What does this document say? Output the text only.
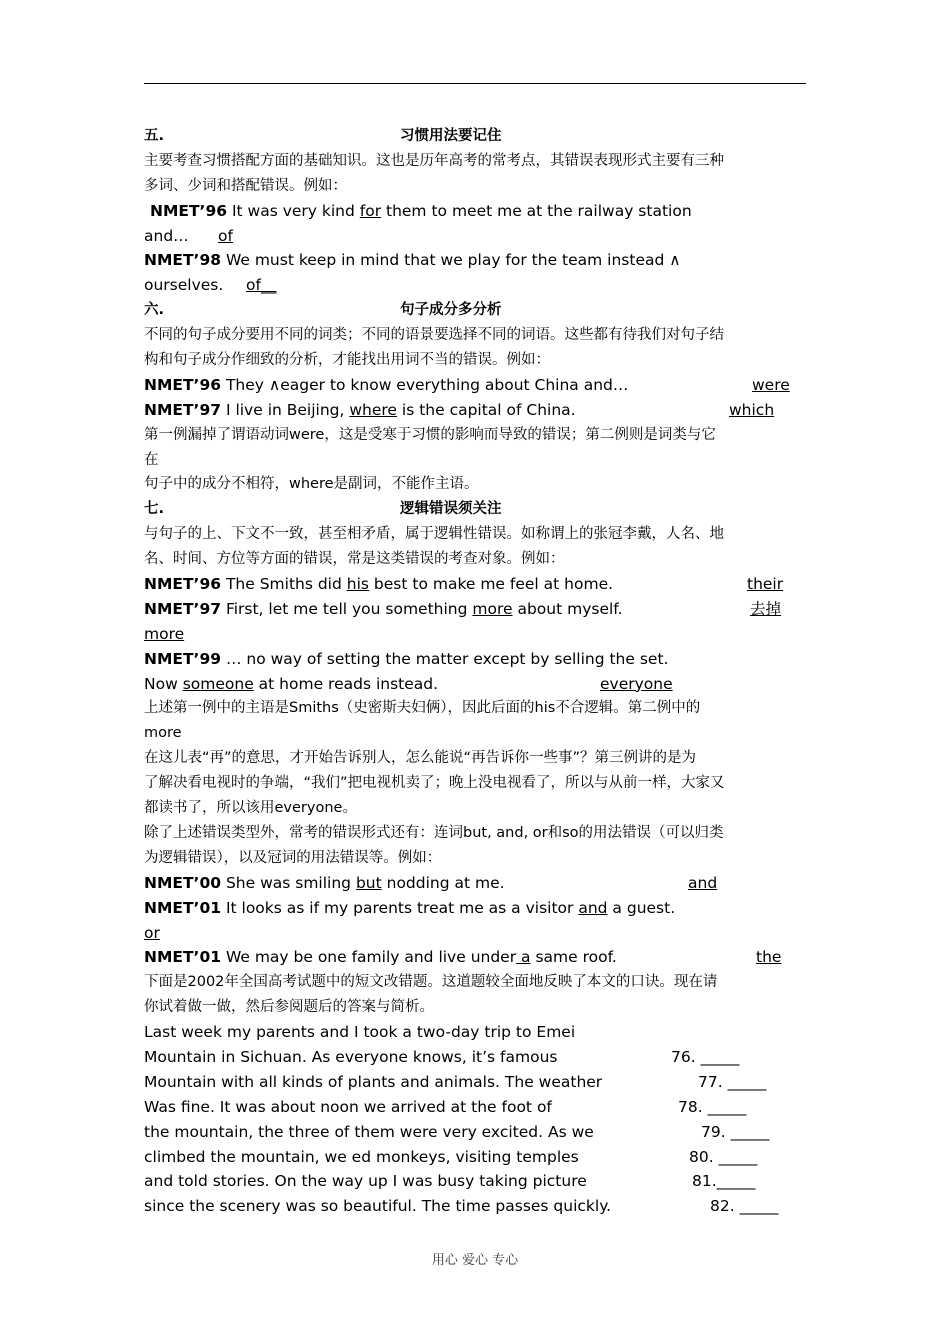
五.	习惯用法要记住
主要考查习惯搭配方面的基础知识。这也是历年高考的常考点，其错误表现形式主要有三种
多词、少词和搭配错误。例如：
NMET’96 It was very kind for them to meet me at the railway station
and… of
NMET’98 We must keep in mind that we play for the team instead ∧
ourselves. of__
六.	句子成分多分析
不同的句子成分要用不同的词类；不同的语景要选择不同的词语。这些都有待我们对句子结
构和句子成分作细致的分析，才能找出用词不当的错误。例如：
NMET’96 They ∧eager to know everything about China and…	were
NMET’97 I live in Beijing, where is the capital of China.	which
第一例漏掉了谓语动词were，这是受寒于习惯的影响而导致的错误；第二例则是词类与它
在
句子中的成分不相符，where是副词，不能作主语。
七.	逻辑错误须关注
与句子的上、下文不一致，甚至相矛盾，属于逻辑性错误。如称谓上的张冠李戴，人名、地
名、时间、方位等方面的错误，常是这类错误的考查对象。例如：
NMET’96 The Smiths did his best to make me feel at home.	their
NMET’97 First, let me tell you something more about myself.	去掉
more
NMET’99 … no way of setting the matter except by selling the set.
Now someone at home reads instead.	everyone
上述第一例中的主语是Smiths（史密斯夫妇俩），因此后面的his不合逻辑。第二例中的
more
在这儿表“再”的意思，才开始告诉别人，怎么能说“再告诉你一些事”？第三例讲的是为
了解决看电视时的争端，“我们”把电视机卖了；晚上没电视看了，所以与从前一样，大家又
都读书了，所以该用everyone。
除了上述错误类型外，常考的错误形式还有：连词but, and, or和so的用法错误（可以归类
为逻辑错误），以及冠词的用法错误等。例如：
NMET’00 She was smiling but nodding at me.	and
NMET’01 It looks as if my parents treat me as a visitor and a guest.
or
NMET’01 We may be one family and live under a same roof.	the
下面是2002年全国高考试题中的短文改错题。这道题较全面地反映了本文的口诀。现在请
你试着做一做，然后参阅题后的答案与简析。
Last week my parents and I took a two-day trip to Emei
Mountain in Sichuan. As everyone knows, it’s famous	76. _____
Mountain with all kinds of plants and animals. The weather	77. _____
Was fine. It was about noon we arrived at the foot of	78. _____
the mountain, the three of them were very excited. As we	79. _____
climbed the mountain, we ed monkeys, visiting temples	80. _____
and told stories. On the way up I was busy taking picture	81._____
since the scenery was so beautiful. The time passes quickly.	82. _____
用心 爱心 专心
